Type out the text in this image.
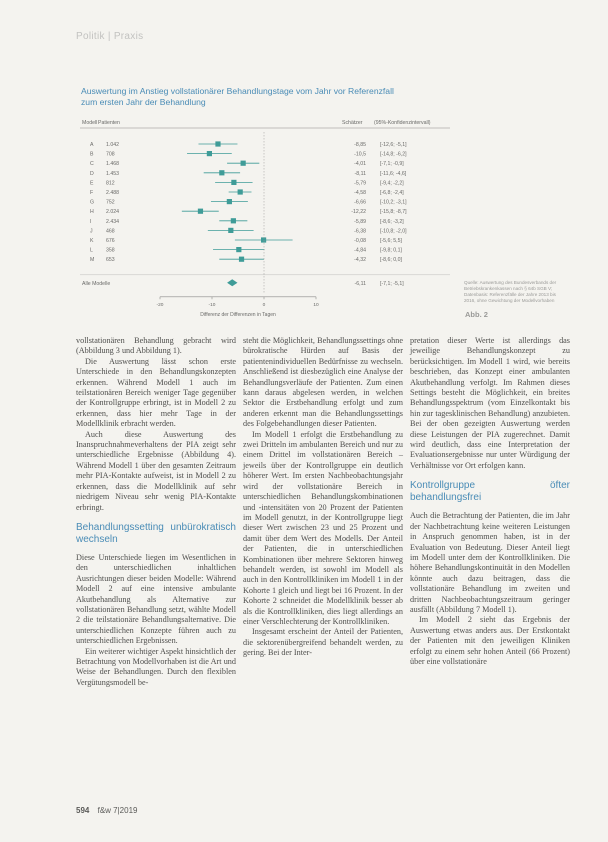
Politik | Praxis
Auswertung im Anstieg vollstationärer Behandlungstage vom Jahr vor Referenzfall zum ersten Jahr der Behandlung
Modell Patienten	Schätzer (95%-Konfidenzintervall)
A 1.042	-8,85	[-12,6; -5,1]
B 708	-10,5	[-14,8; -6,2]
C 1.468	-4,01	[-7,1; -0,9]
D 1.453	-8,11	[-11,6; -4,6]
E 812	-5,79	[-9,4; -2,2]
F 2.488	-4,58	[-6,8; -2,4]
G 752	-6,66	[-10,2; -3,1]
H 2.024	-12,22	[-15,8; -8,7]
I	2.434	-5,89	[-8,6; -3,2]
J	468	-6,38	[-10,8; -2,0]
K 676	-0,08	[-5,6; 5,5]
L	358	-4,84	[-9,8; 0,1]
M 653	-4,32	[-8,6; 0,0]
Alle Modelle	-6,11	[-7,1; -5,1]
-20	-10	0	10
Differenz der Differenzen in Tagen
Quelle: Auswertung des Bundesverbands der Betriebskrankenkassen nach § 64b SGB V; Datenbasis: Referenzfälle der Jahre 2013 bis 2016, ohne Gewichtung der Modellvorhaben
Abb. 2

vollstationären Behandlung gebracht wird (Abbildung 3 und Abbildung 1).

Die Auswertung lässt schon erste Unterschiede in den Behandlungskonzepten erkennen. Während Modell 1 auch im teilstationären Bereich weniger Tage gegenüber der Kontrollgruppe erbringt, ist in Modell 2 zu erkennen, dass hier mehr Tage in der Modellklinik erbracht werden.

Auch diese Auswertung des Inanspruchnahmeverhaltens der PIA zeigt sehr unterschiedliche Ergebnisse (Abbildung 4). Während Modell 1 über den gesamten Zeitraum mehr PIA-Kontakte aufweist, ist in Modell 2 zu erkennen, dass die Modellklinik auf sehr niedrigem Niveau sehr wenig PIA-Kontakte erbringt.

Behandlungssetting unbürokratisch wechseln

Diese Unterschiede liegen im Wesentlichen in den unterschiedlichen inhaltlichen Ausrichtungen dieser beiden Modelle: Während Modell 2 auf eine intensive ambulante Akutbehandlung als Alternative zur vollstationären Behandlung setzt, wählte Modell 2 die teilstationäre Behandlungsalternative. Die unterschiedlichen Konzepte führen auch zu unterschiedlichen Ergebnissen.

Ein weiterer wichtiger Aspekt hinsichtlich der Betrachtung von Modellvorhaben ist die Art und Weise der Behandlungen. Durch den flexiblen Vergütungsmodell be-

steht die Möglichkeit, Behandlungssettings ohne bürokratische Hürden auf Basis der patientenindividuellen Bedürfnisse zu wechseln. Anschließend ist diesbezüglich eine Analyse der Behandlungsverläufe der Patienten. Zum einen kann daraus abgelesen werden, in welchen Sektor die Erstbehandlung erfolgt und zum anderen erkennt man die Behandlungssettings des Folgebehandlungen dieser Patienten.

Im Modell 1 erfolgt die Erstbehandlung zu zwei Dritteln im ambulanten Bereich und nur zu einem Drittel im vollstationären Bereich – jeweils über der Kontrollgruppe ein deutlich höherer Wert. Im ersten Nachbeobachtungsjahr wird der vollstationäre Bereich in unterschiedlichen Behandlungskombinationen und -intensitäten von 20 Prozent der Patienten im Modell genutzt, in der Kontrollgruppe liegt dieser Wert zwischen 23 und 25 Prozent und damit über dem Wert des Modells. Der Anteil der Patienten, die in unterschiedlichen Kombinationen über mehrere Sektoren hinweg behandelt werden, ist sowohl im Modell als auch in den Kontrollkliniken im Modell 1 in der Kohorte 1 gleich und liegt bei 16 Prozent. In der Kohorte 2 schneidet die Modellklinik besser ab als die Kontrollkliniken, dies liegt allerdings an einer Verschlechterung der Kontrollkliniken.

Insgesamt erscheint der Anteil der Patienten, die sektorenübergreifend behandelt werden, zu gering. Bei der Inter-

pretation dieser Werte ist allerdings das jeweilige Behandlungskonzept zu berücksichtigen. Im Modell 1 wird, wie bereits beschrieben, das Konzept einer ambulanten Akutbehandlung verfolgt. Im Rahmen dieses Settings besteht die Möglichkeit, ein breites Behandlungsspektrum (vom Einzelkontakt bis hin zur tagesklinischen Behandlung) anzubieten. Bei der oben gezeigten Auswertung werden diese Leistungen der PIA zugerechnet. Damit wird deutlich, dass eine Interpretation der Evaluationsergebnisse nur unter Würdigung der Verhältnisse vor Ort erfolgen kann.

Kontrollgruppe öfter behandlungsfrei

Auch die Betrachtung der Patienten, die im Jahr der Nachbetrachtung keine weiteren Leistungen in Anspruch genommen haben, ist in der Evaluation von Bedeutung. Dieser Anteil liegt im Modell unter dem der Kontrollkliniken. Die höhere Behandlungskontinuität in den Modellen könnte auch dazu beitragen, dass die vollstationäre Behandlung im zweiten und dritten Nachbeobachtungszeitraum geringer ausfällt (Abbildung 7 Modell 1).

Im Modell 2 sieht das Ergebnis der Auswertung etwas anders aus. Der Erstkontakt der Patienten mit den jeweiligen Kliniken erfolgt zu einem sehr hohen Anteil (66 Prozent) über eine vollstationäre

594 f&w 7|2019
